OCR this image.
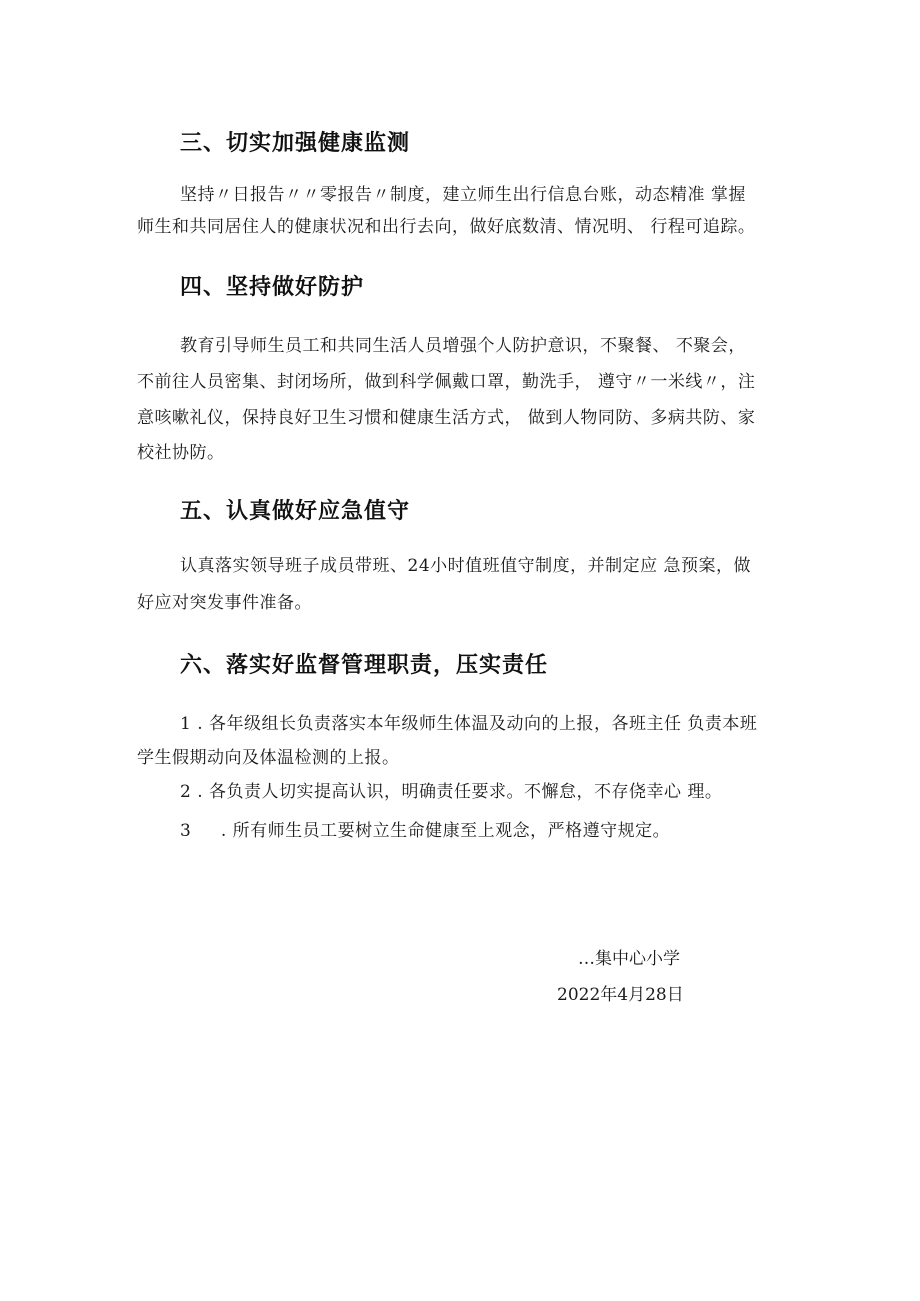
三、切实加强健康监测
坚持〃日报告〃〃零报告〃制度，建立师生出行信息台账，动态精准 掌握
师生和共同居住人的健康状况和出行去向，做好底数清、情况明、 行程可追踪。
四、坚持做好防护
教育引导师生员工和共同生活人员增强个人防护意识，不聚餐、 不聚会，
不前往人员密集、封闭场所，做到科学佩戴口罩，勤洗手， 遵守〃一米线〃，注
意咳嗽礼仪，保持良好卫生习惯和健康生活方式， 做到人物同防、多病共防、家
校社协防。
五、认真做好应急值守
认真落实领导班子成员带班、24小时值班值守制度，并制定应 急预案，做
好应对突发事件准备。
六、落实好监督管理职责，压实责任
1 . 各年级组长负责落实本年级师生体温及动向的上报，各班主任 负责本班
学生假期动向及体温检测的上报。
2 . 各负责人切实提高认识，明确责任要求。不懈怠，不存侥幸心 理。
3     . 所有师生员工要树立生命健康至上观念，严格遵守规定。
…集中心小学
2022年4月28日
